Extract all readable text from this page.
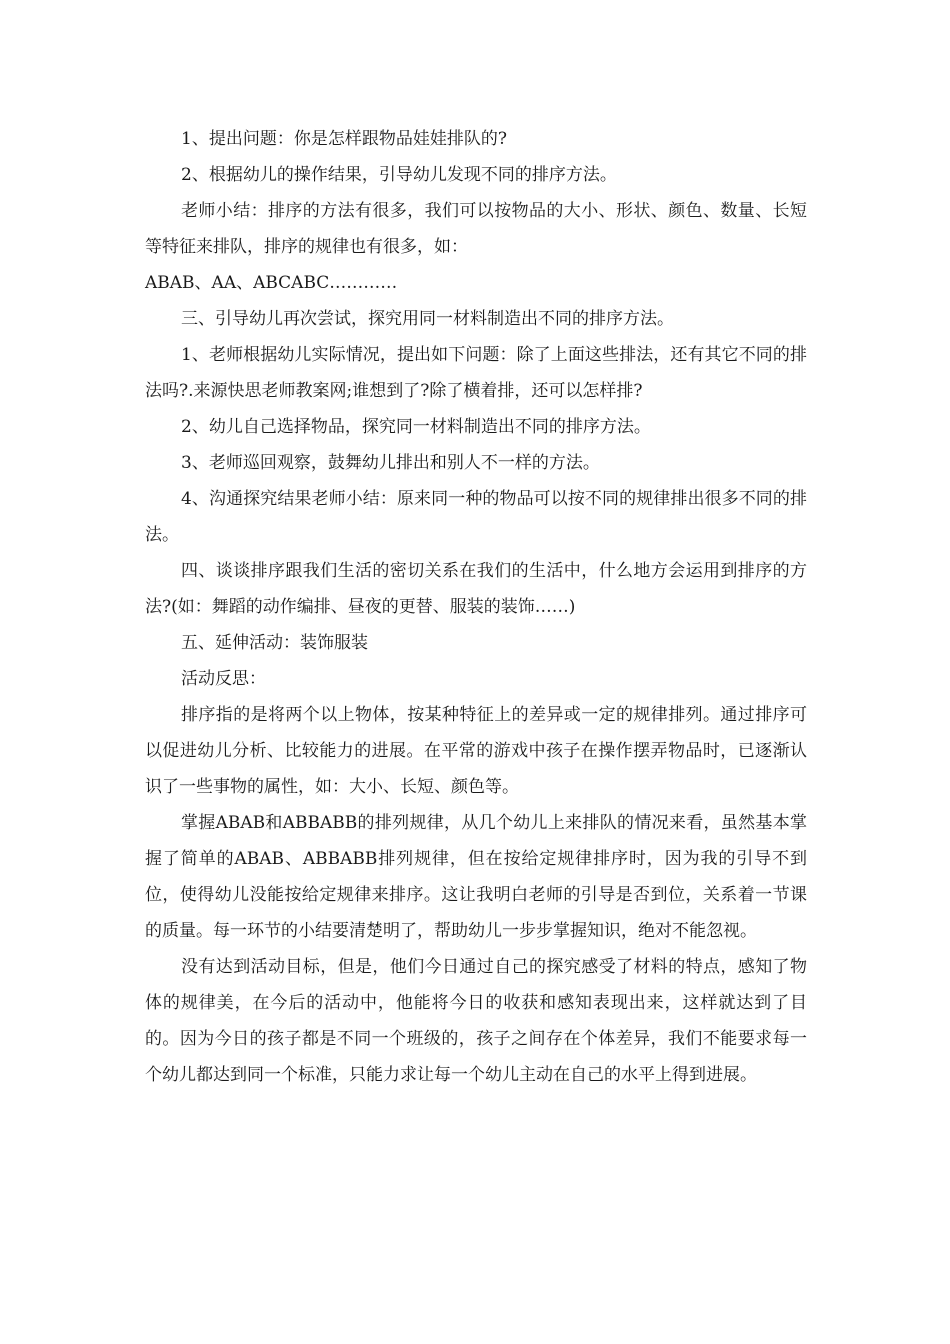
1、提出问题：你是怎样跟物品娃娃排队的?

2、根据幼儿的操作结果，引导幼儿发现不同的排序方法。

老师小结：排序的方法有很多，我们可以按物品的大小、形状、颜色、数量、长短等特征来排队，排序的规律也有很多，如：

ABAB、AA、ABCABC…………

三、引导幼儿再次尝试，探究用同一材料制造出不同的排序方法。

1、老师根据幼儿实际情况，提出如下问题：除了上面这些排法，还有其它不同的排法吗?.来源快思老师教案网;谁想到了?除了横着排，还可以怎样排?

2、幼儿自己选择物品，探究同一材料制造出不同的排序方法。

3、老师巡回观察，鼓舞幼儿排出和别人不一样的方法。

4、沟通探究结果老师小结：原来同一种的物品可以按不同的规律排出很多不同的排法。

四、谈谈排序跟我们生活的密切关系在我们的生活中，什么地方会运用到排序的方法?(如：舞蹈的动作编排、昼夜的更替、服装的装饰……)

五、延伸活动：装饰服装

活动反思：

排序指的是将两个以上物体，按某种特征上的差异或一定的规律排列。通过排序可以促进幼儿分析、比较能力的进展。在平常的游戏中孩子在操作摆弄物品时，已逐渐认识了一些事物的属性，如：大小、长短、颜色等。

掌握ABAB和ABBABB的排列规律，从几个幼儿上来排队的情况来看，虽然基本掌握了简单的ABAB、ABBABB排列规律，但在按给定规律排序时，因为我的引导不到位，使得幼儿没能按给定规律来排序。这让我明白老师的引导是否到位，关系着一节课的质量。每一环节的小结要清楚明了，帮助幼儿一步步掌握知识，绝对不能忽视。

没有达到活动目标，但是，他们今日通过自己的探究感受了材料的特点，感知了物体的规律美，在今后的活动中，他能将今日的收获和感知表现出来，这样就达到了目的。因为今日的孩子都是不同一个班级的，孩子之间存在个体差异，我们不能要求每一个幼儿都达到同一个标准，只能力求让每一个幼儿主动在自己的水平上得到进展。
